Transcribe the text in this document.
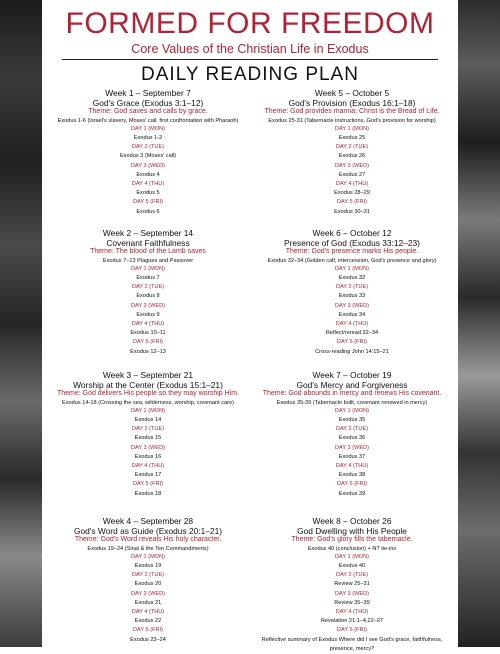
FORMED FOR FREEDOM
Core Values of the Christian Life in Exodus
DAILY READING PLAN
Week 1 – September 7
God's Grace (Exodus 3:1–12)
Theme: God saves and calls by grace.
Exodus 1-6 (Israel's slavery, Moses' call, first confrontation with Pharaoh)
DAY 1 (MON)
Exodus 1-2
DAY 2 (TUE)
Exodus 3 (Moses' call)
DAY 3 (WED)
Exodus 4
DAY 4 (THU)
Exodus 5
DAY 5 (FRI)
Exodus 6
Week 2 – September 14
Covenant Faithfulness
Theme: The blood of the Lamb saves
Exodus 7–13 Plagues and Passover
DAY 1 (MON)
Exodus 7
DAY 2 (TUE)
Exodus 8
DAY 3 (WED)
Exodus 9
DAY 4 (THU)
Exodus 10–11
DAY 5 (FRI)
Exodus 12–13
Week 3 – September 21
Worship at the Center (Exodus 15:1–21)
Theme: God delivers His people so they may worship Him.
Exodus 14-18 (Crossing the sea, wilderness, worship, covenant care)
DAY 1 (MON)
Exodus 14
DAY 2 (TUE)
Exodus 15
DAY 3 (WED)
Exodus 16
DAY 4 (THU)
Exodus 17
DAY 5 (FRI)
Exodus 18
Week 4 – September 28
God's Word as Guide (Exodus 20:1–21)
Theme: God's Word reveals His holy character.
Exodus 19–24 (Sinai & the Ten Commandments)
DAY 1 (MON)
Exodus 19
DAY 2 (TUE)
Exodus 20
DAY 3 (WED)
Exodus 21
DAY 4 (THU)
Exodus 22
DAY 5 (FRI)
Exodus 23–24
Week 5 – October 5
God's Provision (Exodus 16:1–18)
Theme: God provides manna; Christ is the Bread of Life.
Exodus 25-31 (Tabernacle instructions, God's provision for worship)
DAY 1 (MON)
Exodus 25
DAY 2 (TUE)
Exodus 26
DAY 3 (WED)
Exodus 27
DAY 4 (THU)
Exodus 28–29
DAY 5 (FRI)
Exodus 30–31
Week 6 – October 12
Presence of God (Exodus 33:12–23)
Theme: God's presence marks His people.
Exodus 32–34 (Golden calf, intercession, God's presence and glory)
DAY 1 (MON)
Exodus 32
DAY 2 (TUE)
Exodus 33
DAY 3 (WED)
Exodus 34
DAY 4 (THU)
Reflect/reread 32–34
DAY 5 (FRI)
Cross-reading John 14:15–21
Week 7 – October 19
God's Mercy and Forgiveness
Theme: God abounds in mercy and renews His covenant.
Exodus 35-39 (Tabernacle built, covenant renewed in mercy)
DAY 1 (MON)
Exodus 35
DAY 2 (TUE)
Exodus 36
DAY 3 (WED)
Exodus 37
DAY 4 (THU)
Exodus 38
DAY 5 (FRI)
Exodus 39
Week 8 – October 26
God Dwelling with His People
Theme: God's glory fills the tabernacle.
Exodus 40 (conclusion) + NT tie-ins
DAY 1 (MON)
Exodus 40
DAY 2 (TUE)
Review 25–31
DAY 3 (WED)
Review 35–39
DAY 4 (THU)
Revelation 21:1–4,22–27
DAY 5 (FRI)
Reflective summary of Exodus Where did I see God's grace, faithfulness, presence, mercy?
